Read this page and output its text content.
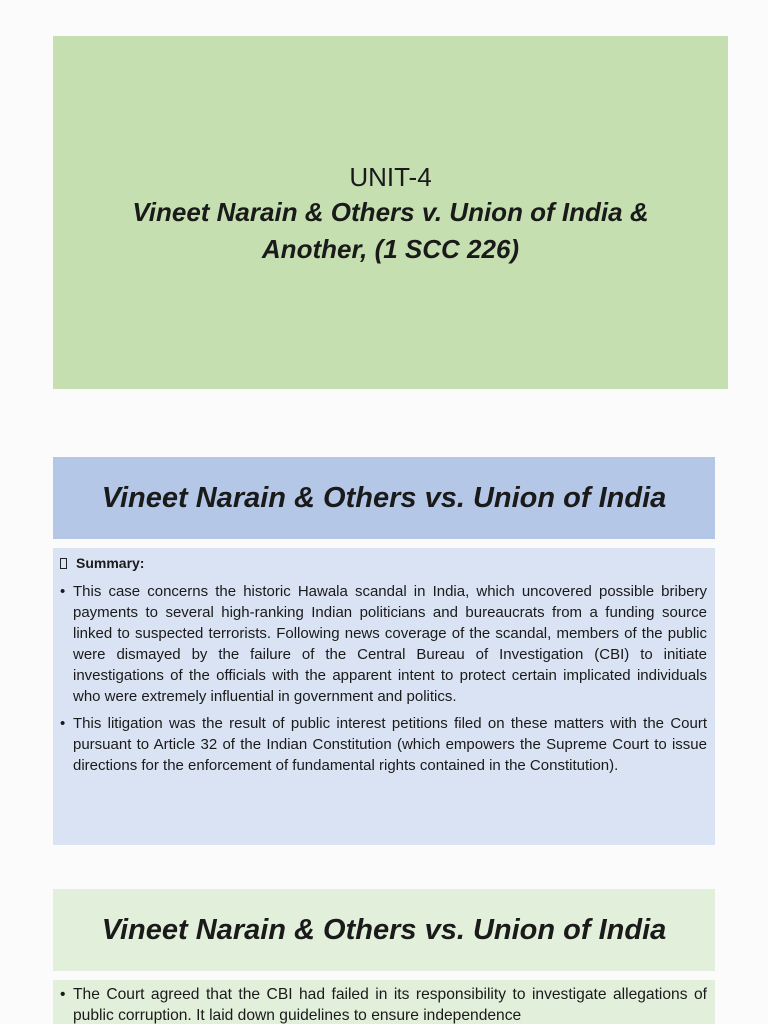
UNIT-4
Vineet Narain & Others v. Union of India &
Another, (1 SCC 226)
Vineet Narain & Others vs. Union of India
Summary:
• This case concerns the historic Hawala scandal in India, which uncovered possible bribery payments to several high-ranking Indian politicians and bureaucrats from a funding source linked to suspected terrorists. Following news coverage of the scandal, members of the public were dismayed by the failure of the Central Bureau of Investigation (CBI) to initiate investigations of the officials with the apparent intent to protect certain implicated individuals who were extremely influential in government and politics.
• This litigation was the result of public interest petitions filed on these matters with the Court pursuant to Article 32 of the Indian Constitution (which empowers the Supreme Court to issue directions for the enforcement of fundamental rights contained in the Constitution).
Vineet Narain & Others vs. Union of India
• The Court agreed that the CBI had failed in its responsibility to investigate allegations of public corruption. It laid down guidelines to ensure independence
